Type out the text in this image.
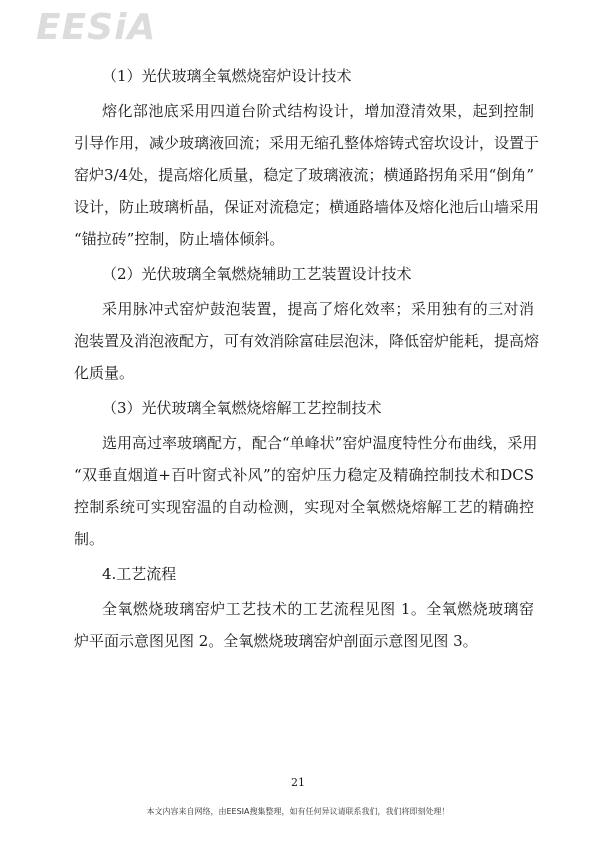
EESiA

（1）光伏玻璃全氧燃烧窑炉设计技术

熔化部池底采用四道台阶式结构设计，增加澄清效果，起到控制
引导作用，减少玻璃液回流；采用无缩孔整体熔铸式窑坎设计，设置于
窑炉3/4处，提高熔化质量，稳定了玻璃液流；横通路拐角采用“倒角”
设计，防止玻璃析晶，保证对流稳定；横通路墙体及熔化池后山墙采用
“锚拉砖”控制，防止墙体倾斜。

（2）光伏玻璃全氧燃烧辅助工艺装置设计技术

采用脉冲式窑炉鼓泡装置，提高了熔化效率；采用独有的三对消
泡装置及消泡液配方，可有效消除富硅层泡沫，降低窑炉能耗，提高熔
化质量。

（3）光伏玻璃全氧燃烧熔解工艺控制技术

选用高过率玻璃配方，配合“单峰状”窑炉温度特性分布曲线，采用
“双垂直烟道+百叶窗式补风”的窑炉压力稳定及精确控制技术和DCS
控制系统可实现窑温的自动检测，实现对全氧燃烧熔解工艺的精确控
制。

4.工艺流程

全氧燃烧玻璃窑炉工艺技术的工艺流程见图 1。全氧燃烧玻璃窑
炉平面示意图见图 2。全氧燃烧玻璃窑炉剖面示意图见图 3。
21
本文内容来自网络，由EESIA搜集整理，如有任何异议请联系我们，我们将即刻处理！
